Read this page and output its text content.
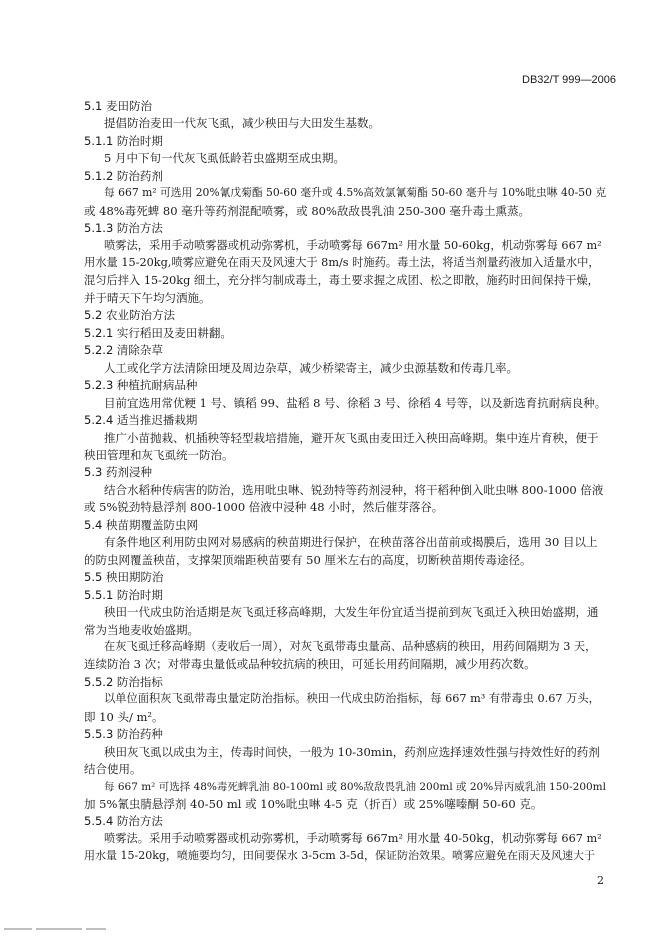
DB32/T 999—2006
5.1 麦田防治
提倡防治麦田一代灰飞虱，减少秧田与大田发生基数。
5.1.1 防治时期
5 月中下旬一代灰飞虱低龄若虫盛期至成虫期。
5.1.2 防治药剂
每 667 m² 可选用 20%氰戊菊酯 50-60 毫升或 4.5%高效氯氰菊酯 50-60 毫升与 10%吡虫啉 40-50 克
或 48%毒死蜱 80 毫升等药剂混配喷雾，或 80%敌敌畏乳油 250-300 毫升毒土熏蒸。
5.1.3 防治方法
喷雾法，采用手动喷雾器或机动弥雾机，手动喷雾每 667m² 用水量 50-60kg，机动弥雾每 667 m²
用水量 15-20kg,喷雾应避免在雨天及风速大于 8m/s 时施药。毒土法，将适当剂量药液加入适量水中，
混匀后拌入 15-20kg 细土，充分拌匀制成毒土，毒土要求握之成团、松之即散，施药时田间保持干燥，
并于晴天下午均匀洒施。
5.2 农业防治方法
5.2.1 实行稻田及麦田耕翻。
5.2.2 清除杂草
人工或化学方法清除田埂及周边杂草，减少桥梁寄主，减少虫源基数和传毒几率。
5.2.3 种植抗耐病品种
目前宜选用常优粳 1 号、镇稻 99、盐稻 8 号、徐稻 3 号、徐稻 4 号等，以及新选育抗耐病良种。
5.2.4 适当推迟播栽期
推广小苗抛栽、机插秧等轻型栽培措施，避开灰飞虱由麦田迁入秧田高峰期。集中连片育秧，便于
秧田管理和灰飞虱统一防治。
5.3 药剂浸种
结合水稻种传病害的防治，选用吡虫啉、锐劲特等药剂浸种，将干稻种倒入吡虫啉 800-1000 倍液
或 5%锐劲特悬浮剂 800-1000 倍液中浸种 48 小时，然后催芽落谷。
5.4 秧苗期覆盖防虫网
有条件地区利用防虫网对易感病的秧苗期进行保护，在秧苗落谷出苗前或揭膜后，选用 30 目以上
的防虫网覆盖秧苗，支撑架顶端距秧苗要有 50 厘米左右的高度，切断秧苗期传毒途径。
5.5 秧田期防治
5.5.1 防治时期
秧田一代成虫防治适期是灰飞虱迁移高峰期，大发生年份宜适当提前到灰飞虱迁入秧田始盛期，通
常为当地麦收始盛期。
在灰飞虱迁移高峰期（麦收后一周），对灰飞虱带毒虫量高、品种感病的秧田，用药间隔期为 3 天，
连续防治 3 次；对带毒虫量低或品种较抗病的秧田，可延长用药间隔期，减少用药次数。
5.5.2 防治指标
以单位面积灰飞虱带毒虫量定防治指标。秧田一代成虫防治指标，每 667 m³ 有带毒虫 0.67 万头，
即 10 头/ m²。
5.5.3 防治药种
秧田灰飞虱以成虫为主，传毒时间快，一般为 10-30min，药剂应选择速效性强与持效性好的药剂
结合使用。
每 667 m² 可选择 48%毒死蜱乳油 80-100ml 或 80%敌敌畏乳油 200ml 或 20%异丙威乳油 150-200ml
加 5%氰虫腈悬浮剂 40-50 ml 或 10%吡虫啉 4-5 克（折百）或 25%噻嗪酮 50-60 克。
5.5.4 防治方法
喷雾法。采用手动喷雾器或机动弥雾机，手动喷雾每 667m² 用水量 40-50kg，机动弥雾每 667 m²
用水量 15-20kg，喷施要均匀，田间要保水 3-5cm 3-5d，保证防治效果。喷雾应避免在雨天及风速大于
2
